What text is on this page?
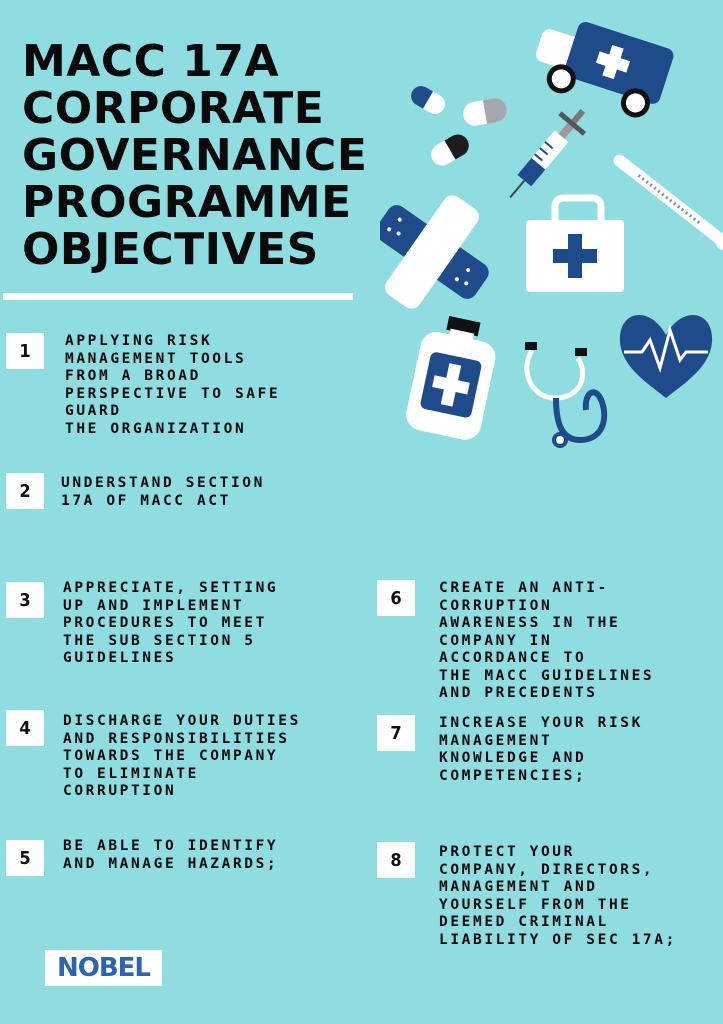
MACC 17A
CORPORATE
GOVERNANCE
PROGRAMME
OBJECTIVES
1	APPLYING RISK
MANAGEMENT TOOLS
FROM A BROAD
PERSPECTIVE TO SAFE
GUARD
THE ORGANIZATION
2	UNDERSTAND SECTION
17A OF MACC ACT
3
APPRECIATE, SETTING
UP AND IMPLEMENT
PROCEDURES TO MEET
THE SUB SECTION 5
GUIDELINES
4	DISCHARGE YOUR DUTIES
AND RESPONSIBILITIES
TOWARDS THE COMPANY
TO ELIMINATE
CORRUPTION
5
BE ABLE TO IDENTIFY
AND MANAGE HAZARDS;
6	CREATE AN ANTI-
CORRUPTION
AWARENESS IN THE
COMPANY IN
ACCORDANCE TO
THE MACC GUIDELINES
AND PRECEDENTS
7	INCREASE YOUR RISK
MANAGEMENT
KNOWLEDGE AND
COMPETENCIES;
8	PROTECT YOUR
COMPANY, DIRECTORS,
MANAGEMENT AND
YOURSELF FROM THE
DEEMED CRIMINAL
LIABILITY OF SEC 17A;
NOBEL
